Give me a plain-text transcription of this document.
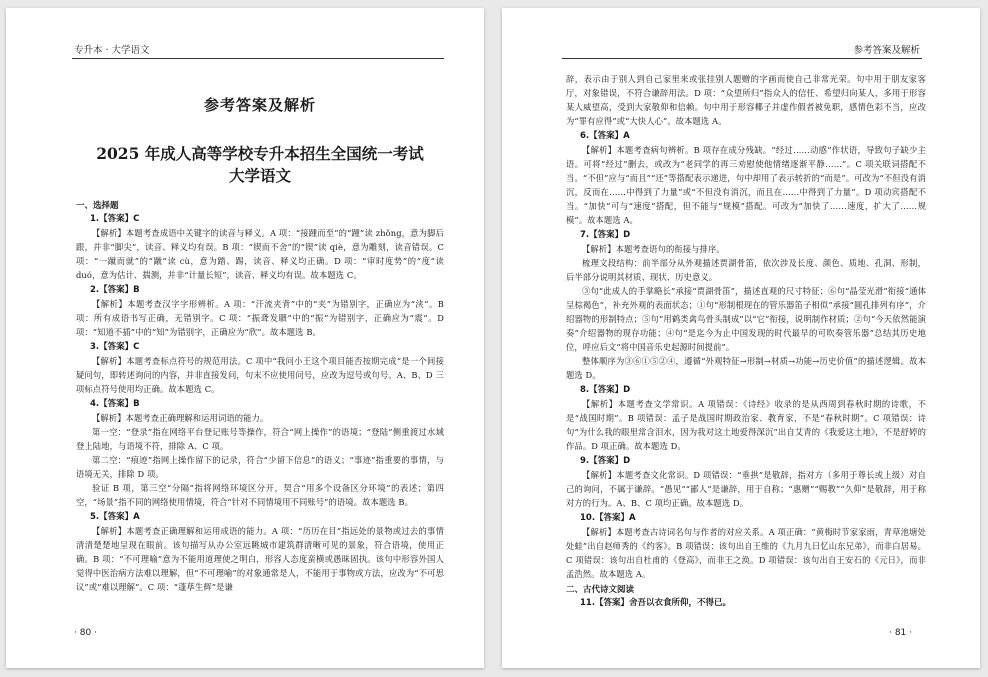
专升本 · 大学语文
参考答案及解析
2025 年成人高等学校专升本招生全国统一考试
大学语文
一、选择题
1.【答案】C
【解析】本题考查成语中关键字的读音与释义。A 项：“接踵而至”的“踵”读 zhǒng，意为脚后跟，并非“脚尖”，读音、释义均有误。B 项：“锲而不舍”的“锲”读 qiè，意为雕刻，读音错误。C 项：“一蹴而就”的“蹴”读 cù，意为踏、踢，读音、释义均正确。D 项：“审时度势”的“度”读 duó，意为估计、揣测，并非“计量长短”，读音、释义均有误。故本题选 C。
2.【答案】B
【解析】本题考查汉字字形辨析。A 项：“汗流夹背”中的“夹”为错别字，正确应为“浃”。B 项：所有成语书写正确，无错别字。C 项：“振聋发聩”中的“振”为错别字，正确应为“震”。D 项：“知道不插”中的“知”为错别字，正确应为“欣”。故本题选 B。
3.【答案】C
【解析】本题考查标点符号的规范用法。C 项中“我问小王这个项目能否按期完成”是一个间接疑问句，即转述询问的内容，并非直接发问，句末不应使用问号，应改为逗号或句号。A、B、D 三项标点符号使用均正确。故本题选 C。
4.【答案】B
【解析】本题考查正确理解和运用词语的能力。
第一空：“登录”指在网络平台登记账号等操作，符合“网上操作”的语境；“登陆”侧重渡过水域登上陆地，与语境不符，排除 A、C 项。
第二空：“痕迹”指网上操作留下的记录，符合“少留下信息”的语义；“事迹”指重要的事情，与语境无关，排除 D 项。
验证 B 项，第三空“分隔”指将网络环境区分开，契合“用多个设备区分环境”的表述；第四空，“场景”指不同的网络使用情境，符合“针对不同情境用不同账号”的语境。故本题选 B。
5.【答案】A
【解析】本题考查正确理解和运用成语的能力。A 项：“历历在目”指远处的景物或过去的事情清清楚楚地呈现在眼前。该句描写从办公室远眺城市建筑群清晰可见的景象，符合语境，使用正确。B 项：“不可理喻”意为不能用道理使之明白，形容人态度蛮横或愚昧固执。该句中形容外国人觉得中医治病方法难以理解，但“不可理喻”的对象通常是人，不能用于事物或方法，应改为“不可思议”或“难以理解”。C 项：“蓬荜生辉”是谦
· 80 ·
参考答案及解析
辞，表示由于别人到自己家里来或张挂别人题赠的字画而使自己非常光荣。句中用于朋友家客厅，对象错误，不符合谦辞用法。D 项：“众望所归”指众人的信任、希望归向某人，多用于形容某人威望高，受到大家敬仰和信赖。句中用于形容椰子并虚作假者被免职，感情色彩不当，应改为“罪有应得”或“大快人心”。故本题选 A。
6.【答案】A
【解析】本题考查病句辨析。B 项存在成分残缺。“经过……动感”作状语，导致句子缺少主语。可将“经过”删去，或改为“老同学的再三劝慰使他情绪逐渐平静……”。C 项关联词搭配不当。“不但”应与“而且”“还”等搭配表示递进，句中却用了表示转折的“而是”。可改为“不但没有消沉，反而在……中得到了力量”或“不但没有消沉，而且在……中得到了力量”。D 项动宾搭配不当。“加快”可与“速度”搭配，但不能与“规模”搭配。可改为“加快了……速度，扩大了……规模”。故本题选 A。
7.【答案】D
【解析】本题考查语句的衔接与排序。
梳理文段结构：前半部分从外观描述贾湖骨笛，依次涉及长度、颜色、质地、孔洞、形制，后半部分说明其材质、现状、历史意义。
③句“此成人的手掌略长”承接“贾湖骨笛”，描述直观的尺寸特征；⑥句“晶莹光滑”衔接“通体呈棕褐色”，补充外观的表面状态；①句“形制根现在的管乐器笛子相似”承接“圆孔排列有序”，介绍器物的形制特点；⑤句“用鹤类禽鸟骨头制成”以“它”衔接，说明制作材质；②句“今天依然能演奏”介绍器物的现存功能；④句“是迄今为止中国发现的时代最早的可吹奏管乐器”总结其历史地位，呼应后文“将中国音乐史起源时间提前”。
整体顺序为③⑥①⑤②④，遵循“外观特征→形制→材质→功能→历史价值”的描述逻辑。故本题选 D。
8.【答案】D
【解析】本题考查文学常识。A 项错误：《诗经》收录的是从西周到春秋时期的诗歌，不是“战国时期”。B 项错误：孟子是战国时期政治家、教育家，不是“春秋时期”。C 项错误：诗句“为什么我的眼里常含泪水，因为我对这土地爱得深沉”出自艾青的《我爱这土地》，不是舒婷的作品。D 项正确。故本题选 D。
9.【答案】D
【解析】本题考查文化常识。D 项错误：“垂拱”是敬辞，指对方（多用于尊长或上级）对自己的询问，不属于谦辞。“愚见”“鄙人”是谦辞，用于自称；“惠赠”“赐教”“久仰”是敬辞，用于称对方的行为。A、B、C 项均正确。故本题选 D。
10.【答案】A
【解析】本题考查古诗词名句与作者的对应关系。A 项正确：“黄梅时节家家雨，青草池塘处处蛙”出自赵师秀的《约客》。B 项错误：该句出自王维的《九月九日忆山东兄弟》，而非白居易。C 项错误：该句出自杜甫的《登高》，而非王之涣。D 项错误：该句出自王安石的《元日》，而非孟浩然。故本题选 A。
二、古代诗文阅读
11.【答案】舍吾以衣食所仰，不得已。
· 81 ·
